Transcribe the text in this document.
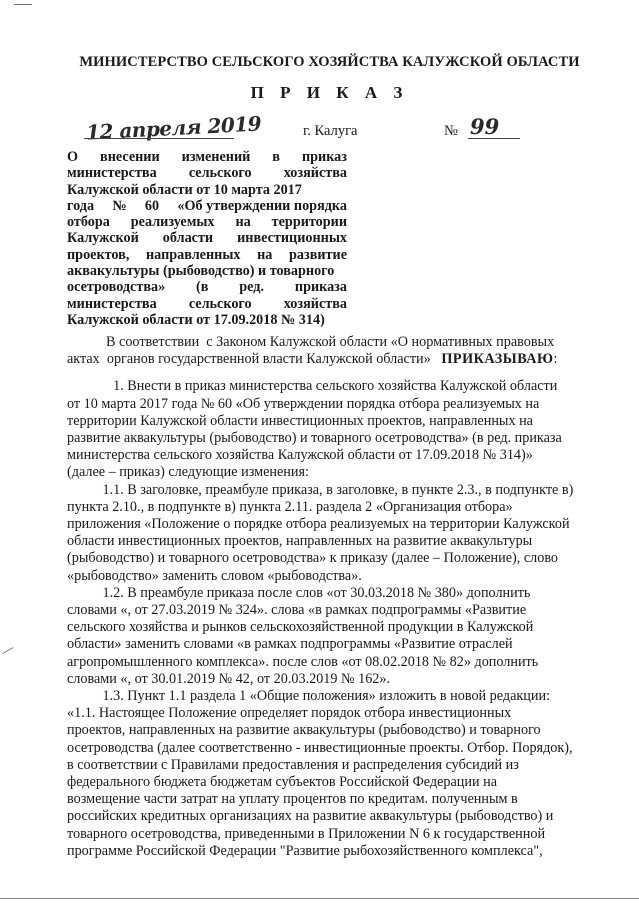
МИНИСТЕРСТВО СЕЛЬСКОГО ХОЗЯЙСТВА КАЛУЖСКОЙ ОБЛАСТИ
П Р И К А З
12 апреля 2019	г. Калуга	№ 99
О внесении изменений в приказ
министерства сельского хозяйства
Калужской области от 10 марта 2017
года № 60 «Об утверждении порядка
отбора реализуемых на территории
Калужской области инвестиционных
проектов, направленных на развитие
аквакультуры (рыбоводство) и товарного
осетроводства» (в ред. приказа
министерства сельского хозяйства
Калужской области от 17.09.2018 № 314)
В соответствии  с Законом Калужской области «О нормативных правовых
актах  органов государственной власти Калужской области» ПРИКАЗЫВАЮ :
1. Внести в приказ министерства сельского хозяйства Калужской области
от 10 марта 2017 года № 60 «Об утверждении порядка отбора реализуемых на
территории Калужской области инвестиционных проектов, направленных на
развитие аквакультуры (рыбоводство) и товарного осетроводства» (в ред. приказа
министерства сельского хозяйства Калужской области от 17.09.2018 № 314)»
(далее – приказ) следующие изменения:
1.1. В заголовке, преамбуле приказа, в заголовке, в пункте 2.3., в подпункте в)
пункта 2.10., в подпункте в) пункта 2.11. раздела 2 «Организация отбора»
приложения «Положение о порядке отбора реализуемых на территории Калужской
области инвестиционных проектов, направленных на развитие аквакультуры
(рыбоводство) и товарного осетроводства» к приказу (далее – Положение), слово
«рыбоводство» заменить словом «рыбоводства».
1.2. В преамбуле приказа после слов «от 30.03.2018 № 380» дополнить
словами «, от 27.03.2019 № 324». слова «в рамках подпрограммы «Развитие
сельского хозяйства и рынков сельскохозяйственной продукции в Калужской
области» заменить словами «в рамках подпрограммы «Развитие отраслей
агропромышленного комплекса». после слов «от 08.02.2018 № 82» дополнить
словами «, от 30.01.2019 № 42, от 20.03.2019 № 162».
1.3. Пункт 1.1 раздела 1 «Общие положения» изложить в новой редакции:
«1.1. Настоящее Положение определяет порядок отбора инвестиционных
проектов, направленных на развитие аквакультуры (рыбоводство) и товарного
осетроводства (далее соответственно - инвестиционные проекты. Отбор. Порядок),
в соответствии с Правилами предоставления и распределения субсидий из
федерального бюджета бюджетам субъектов Российской Федерации на
возмещение части затрат на уплату процентов по кредитам. полученным в
российских кредитных организациях на развитие аквакультуры (рыбоводство) и
товарного осетроводства, приведенными в Приложении N 6 к государственной
программе Российской Федерации "Развитие рыбохозяйственного комплекса",
